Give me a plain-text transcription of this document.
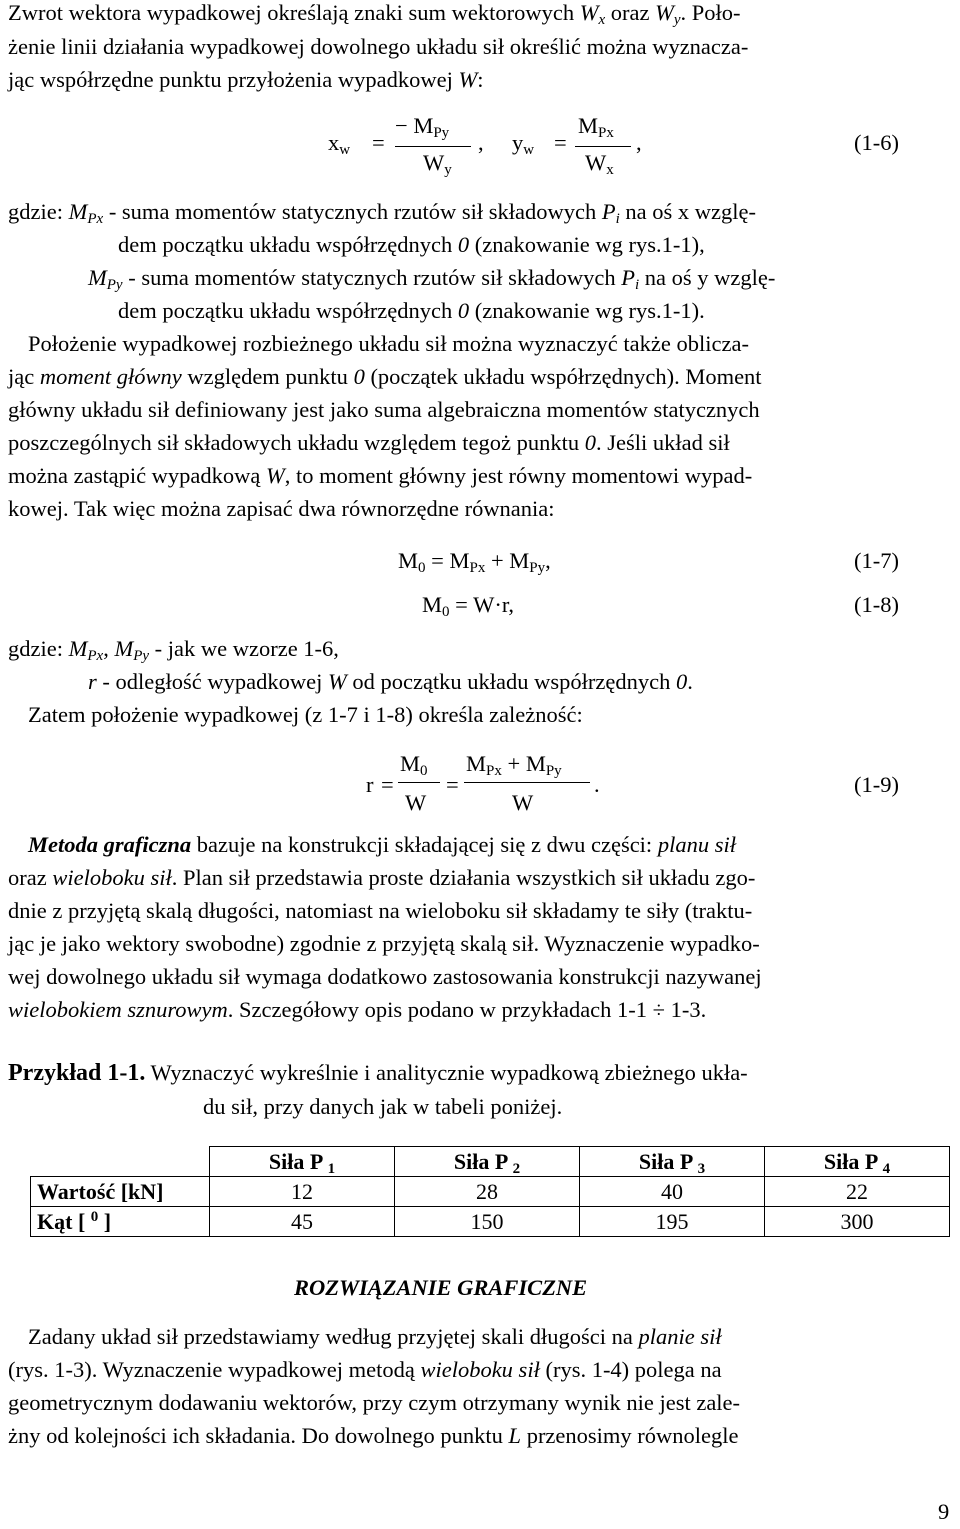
Zwrot wektora wypadkowej określają znaki sum wektorowych $W_x$ oraz $W_y$. Poło-
żenie linii działania wypadkowej dowolnego układu sił określić można wyznacza-
jąc współrzędne punktu przyłożenia wypadkowej W:
$x_w$ =
− $M_{Py}$
$W_y$
, $y_w$ =
$M_{Px}$
$W_x$
,	(1-6)
gdzie: $M_{Px}$ - suma momentów statycznych rzutów sił składowych $P_i$ na oś x wzglę-
dem początku układu współrzędnych 0 (znakowanie wg rys.1-1),
$M_{Py}$ - suma momentów statycznych rzutów sił składowych $P_i$ na oś y wzglę-
dem początku układu współrzędnych 0 (znakowanie wg rys.1-1).
Położenie wypadkowej rozbieżnego układu sił można wyznaczyć także oblicza-
jąc moment główny względem punktu 0 (początek układu współrzędnych). Moment
główny układu sił definiowany jest jako suma algebraiczna momentów statycznych
poszczególnych sił składowych układu względem tegoż punktu 0. Jeśli układ sił
można zastąpić wypadkową W, to moment główny jest równy momentowi wypad-
kowej. Tak więc można zapisać dwa równorzędne równania:
$M_0 = M_{Px} + M_{Py}$,	(1-7)
$M_0 = W\cdot r$,	(1-8)
gdzie: $M_{Px}$, $M_{Py}$ - jak we wzorze 1-6,
r - odległość wypadkowej W od początku układu współrzędnych 0.
Zatem położenie wypadkowej (z 1-7 i 1-8) określa zależność:
r =
$M_0$
W
=
$M_{Px} + M_{Py}$
W
.	(1-9)
Metoda graficzna bazuje na konstrukcji składającej się z dwu części: planu sił
oraz wieloboku sił. Plan sił przedstawia proste działania wszystkich sił układu zgo-
dnie z przyjętą skalą długości, natomiast na wieloboku sił składamy te siły (traktu-
jąc je jako wektory swobodne) zgodnie z przyjętą skalą sił. Wyznaczenie wypadko-
wej dowolnego układu sił wymaga dodatkowo zastosowania konstrukcji nazywanej
wielobokiem sznurowym. Szczegółowy opis podano w przykładach 1-1 ÷ 1-3.
Przykład 1-1. Wyznaczyć wykreślnie i analitycznie wypadkową zbieżnego ukła-
du sił, przy danych jak w tabeli poniżej.
	Siła P $_1$	Siła P $_2$	Siła P $_3$	Siła P $_4$
Wartość [kN]	12	28	40	22
Kąt [ $^0$ ]	45	150	195	300
ROZWIĄZANIE GRAFICZNE
Zadany układ sił przedstawiamy według przyjętej skali długości na planie sił
(rys. 1-3). Wyznaczenie wypadkowej metodą wieloboku sił (rys. 1-4) polega na
geometrycznym dodawaniu wektorów, przy czym otrzymany wynik nie jest zale-
żny od kolejności ich składania. Do dowolnego punktu L przenosimy równolegle
9
